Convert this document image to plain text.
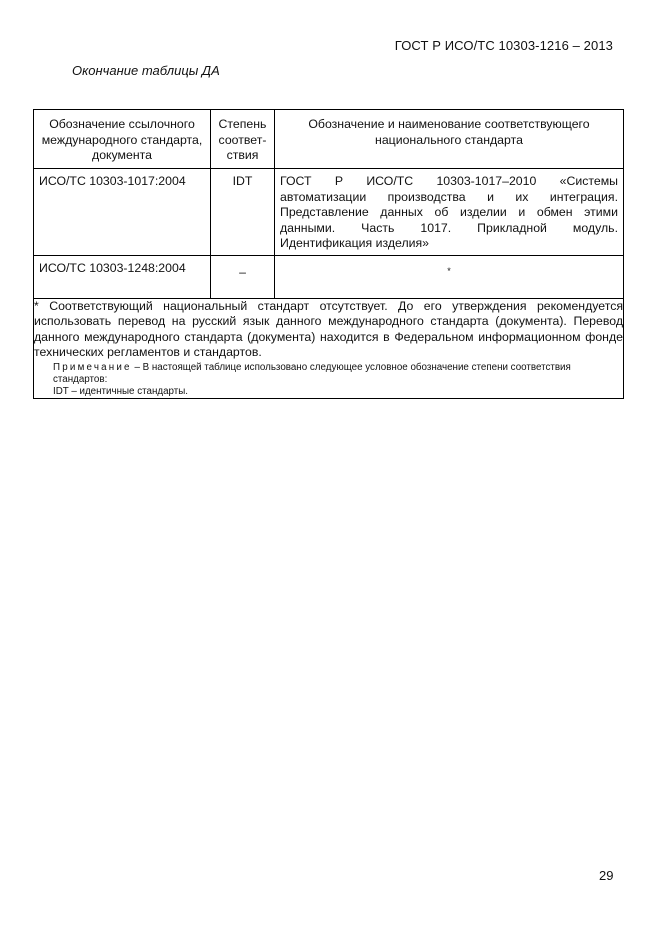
ГОСТ Р ИСО/ТС 10303-1216 – 2013
Окончание таблицы ДА
Обозначение ссылочного международного стандарта, документа	Степень соответ-ствия	Обозначение и наименование соответствующего национального стандарта

ИСО/ТС 10303-1017:2004	IDT	ГОСТ Р ИСО/ТС 10303-1017–2010 «Системы автоматизации производства и их интеграция. Представление данных об изделии и обмен этими данными. Часть 1017. Прикладной модуль. Идентификация изделия»

ИСО/ТС 10303-1248:2004	–	*

* Соответствующий национальный стандарт отсутствует. До его утверждения рекомендуется использовать перевод на русский язык данного международного стандарта (документа). Перевод данного международного стандарта (документа) находится в Федеральном информационном фонде технических регламентов и стандартов.
Примечание – В настоящей таблице использовано следующее условное обозначение степени соответствия стандартов:
IDT – идентичные стандарты.		
29
